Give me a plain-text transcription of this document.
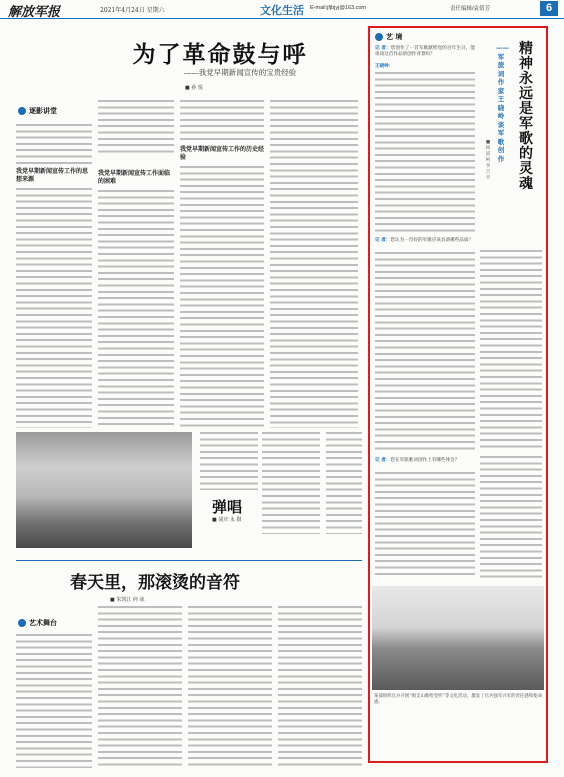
解放军报	2021年4月24日 星期六	文化生活	E-mail:jfjbjyj@163.com	责任编辑/袁倩芳	6
为了革命鼓与呼
——我党早期新闻宣传的宝贵经验
■ 孙 悦
逐影讲堂
我党早期新闻宣传工作的思想来源
我党早期新闻宣传工作面临的困难
我党早期新闻宣传工作的历史经验
弹唱
■ 胡庆 永 摄
春天里，那滚烫的音符
■ 朱凯江 何 冰
艺术舞台
精神永远是军歌的灵魂
——军旅词作家王晓岭谈军歌创作
■ 杨道 柯 李 吉 平
艺 境
记 者：您创作了一首军歌献给党的百年生日，能谈谈这首作品的创作背景吗？
王晓岭：
记 者：您认为一首好的军歌应该具备哪些品质？
记 者：您在军旅歌词创作上有哪些体会？
某部组织官兵开展“唱支山歌给党听”等文化活动，激发了官兵强军兴军的责任感和使命感。
